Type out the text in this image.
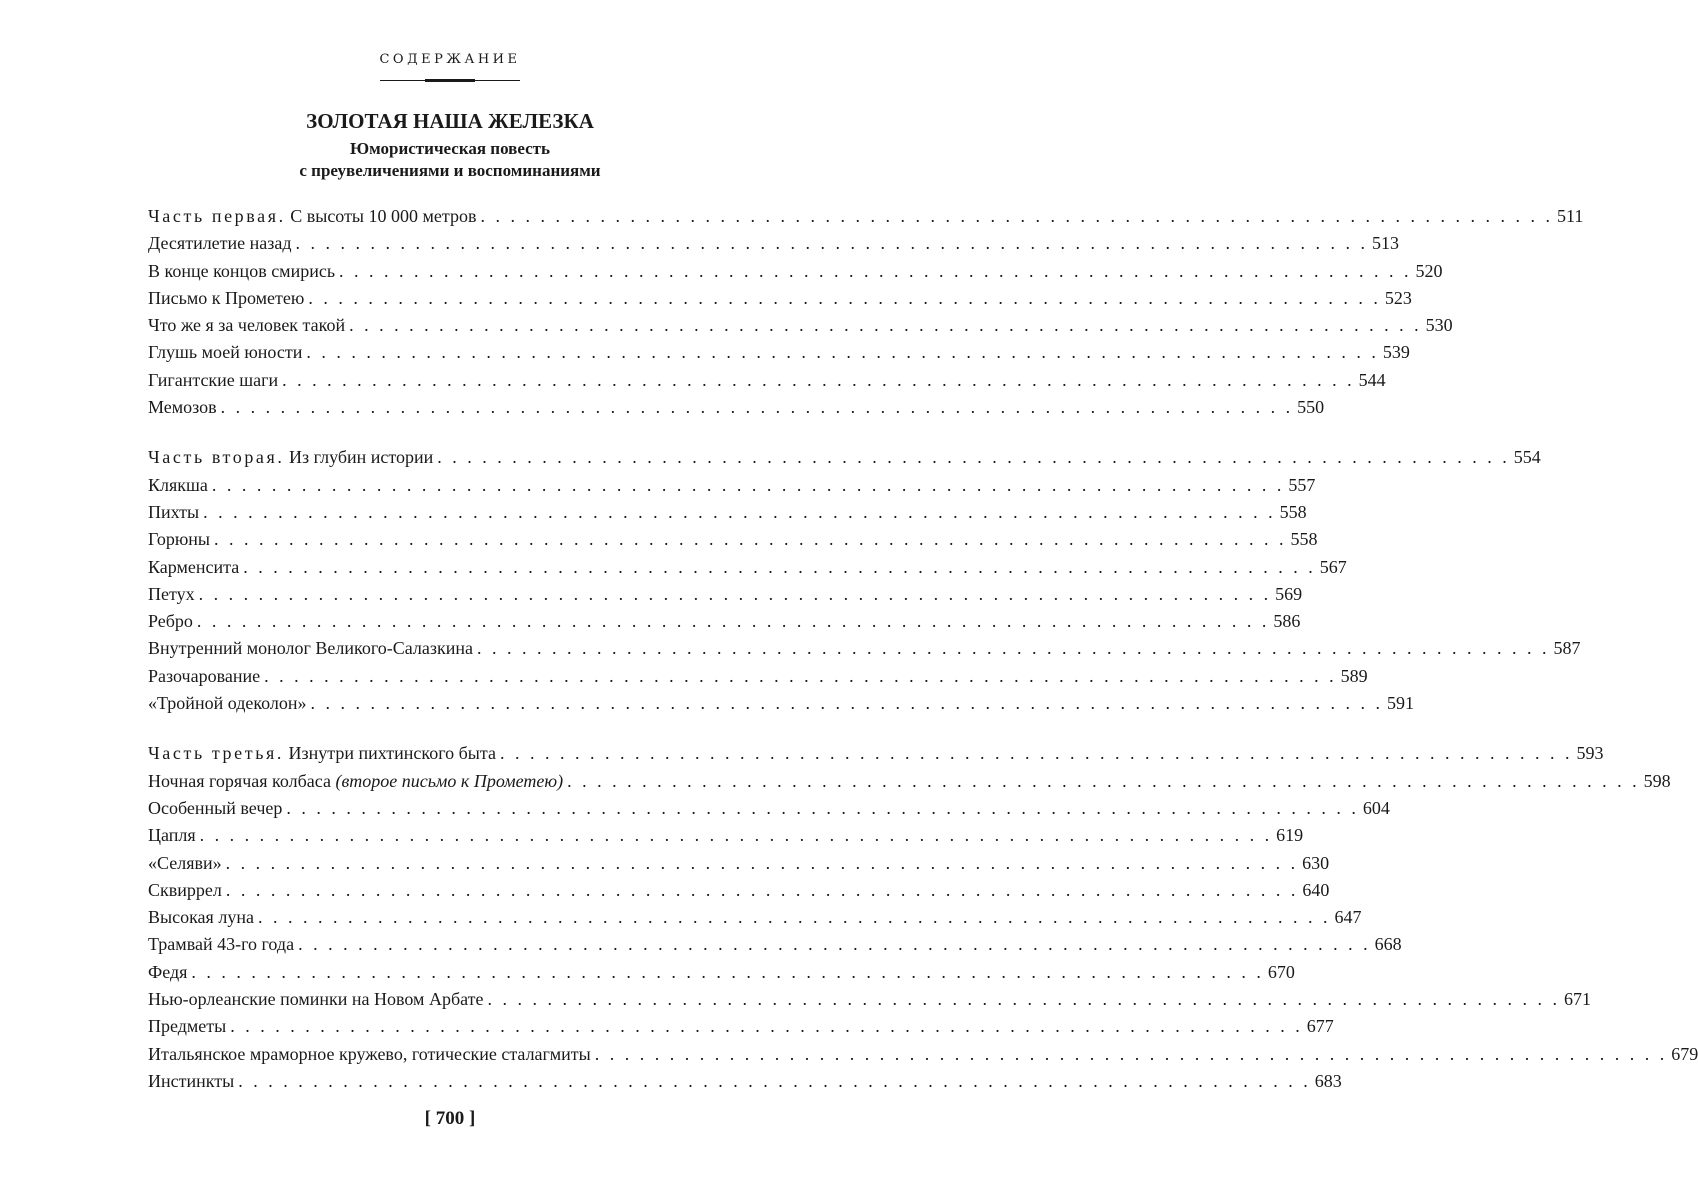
СОДЕРЖАНИЕ
ЗОЛОТАЯ НАША ЖЕЛЕЗКА
Юмористическая повесть
с преувеличениями и воспоминаниями
Часть первая. С высоты 10 000 метров . . . . . . . . . . . . . . . . . . . . . . . . . . . . . . . . . . . . . . . . . . . . . . . . . . . . . . . . . . . . . . . . . . . . . . . . 511
Десятилетие назад . . . . . . . . . . . . . . . . . . . . . . . . . . . . . . . . . . . . . . . . . . . . . . . . . . . . . . . . . . . . . . . . . . . . . . . . 513
В конце концов смирись . . . . . . . . . . . . . . . . . . . . . . . . . . . . . . . . . . . . . . . . . . . . . . . . . . . . . . . . . . . . . . . . . . . . . . . . 520
Письмо к Прометею . . . . . . . . . . . . . . . . . . . . . . . . . . . . . . . . . . . . . . . . . . . . . . . . . . . . . . . . . . . . . . . . . . . . . . . . 523
Что же я за человек такой . . . . . . . . . . . . . . . . . . . . . . . . . . . . . . . . . . . . . . . . . . . . . . . . . . . . . . . . . . . . . . . . . . . . . . . . 530
Глушь моей юности . . . . . . . . . . . . . . . . . . . . . . . . . . . . . . . . . . . . . . . . . . . . . . . . . . . . . . . . . . . . . . . . . . . . . . . . 539
Гигантские шаги . . . . . . . . . . . . . . . . . . . . . . . . . . . . . . . . . . . . . . . . . . . . . . . . . . . . . . . . . . . . . . . . . . . . . . . . 544
Мемозов . . . . . . . . . . . . . . . . . . . . . . . . . . . . . . . . . . . . . . . . . . . . . . . . . . . . . . . . . . . . . . . . . . . . . . . . 550
Часть вторая. Из глубин истории . . . . . . . . . . . . . . . . . . . . . . . . . . . . . . . . . . . . . . . . . . . . . . . . . . . . . . . . . . . . . . . . . . . . . . . . 554
Клякша . . . . . . . . . . . . . . . . . . . . . . . . . . . . . . . . . . . . . . . . . . . . . . . . . . . . . . . . . . . . . . . . . . . . . . . . 557
Пихты . . . . . . . . . . . . . . . . . . . . . . . . . . . . . . . . . . . . . . . . . . . . . . . . . . . . . . . . . . . . . . . . . . . . . . . . 558
Горюны . . . . . . . . . . . . . . . . . . . . . . . . . . . . . . . . . . . . . . . . . . . . . . . . . . . . . . . . . . . . . . . . . . . . . . . . 558
Карменсита . . . . . . . . . . . . . . . . . . . . . . . . . . . . . . . . . . . . . . . . . . . . . . . . . . . . . . . . . . . . . . . . . . . . . . . . 567
Петух . . . . . . . . . . . . . . . . . . . . . . . . . . . . . . . . . . . . . . . . . . . . . . . . . . . . . . . . . . . . . . . . . . . . . . . . 569
Ребро . . . . . . . . . . . . . . . . . . . . . . . . . . . . . . . . . . . . . . . . . . . . . . . . . . . . . . . . . . . . . . . . . . . . . . . . 586
Внутренний монолог Великого-Салазкина . . . . . . . . . . . . . . . . . . . . . . . . . . . . . . . . . . . . . . . . . . . . . . . . . . . . . . . . . . . . . . . . . . . . . . . . 587
Разочарование . . . . . . . . . . . . . . . . . . . . . . . . . . . . . . . . . . . . . . . . . . . . . . . . . . . . . . . . . . . . . . . . . . . . . . . . 589
«Тройной одеколон» . . . . . . . . . . . . . . . . . . . . . . . . . . . . . . . . . . . . . . . . . . . . . . . . . . . . . . . . . . . . . . . . . . . . . . . . 591
Часть третья. Изнутри пихтинского быта . . . . . . . . . . . . . . . . . . . . . . . . . . . . . . . . . . . . . . . . . . . . . . . . . . . . . . . . . . . . . . . . . . . . . . . . 593
Ночная горячая колбаса (второе письмо к Прометею) . . . . . . . . . . . . . . . . . . . . . . . . . . . . . . . . . . . . . . . . . . . . . . . . . . . . . . . . . . . . . . . . . . . . . . . . 598
Особенный вечер . . . . . . . . . . . . . . . . . . . . . . . . . . . . . . . . . . . . . . . . . . . . . . . . . . . . . . . . . . . . . . . . . . . . . . . . 604
Цапля . . . . . . . . . . . . . . . . . . . . . . . . . . . . . . . . . . . . . . . . . . . . . . . . . . . . . . . . . . . . . . . . . . . . . . . . 619
«Селяви» . . . . . . . . . . . . . . . . . . . . . . . . . . . . . . . . . . . . . . . . . . . . . . . . . . . . . . . . . . . . . . . . . . . . . . . . 630
Сквиррел . . . . . . . . . . . . . . . . . . . . . . . . . . . . . . . . . . . . . . . . . . . . . . . . . . . . . . . . . . . . . . . . . . . . . . . . 640
Высокая луна . . . . . . . . . . . . . . . . . . . . . . . . . . . . . . . . . . . . . . . . . . . . . . . . . . . . . . . . . . . . . . . . . . . . . . . . 647
Трамвай 43-го года . . . . . . . . . . . . . . . . . . . . . . . . . . . . . . . . . . . . . . . . . . . . . . . . . . . . . . . . . . . . . . . . . . . . . . . . 668
Федя . . . . . . . . . . . . . . . . . . . . . . . . . . . . . . . . . . . . . . . . . . . . . . . . . . . . . . . . . . . . . . . . . . . . . . . . 670
Нью-орлеанские поминки на Новом Арбате . . . . . . . . . . . . . . . . . . . . . . . . . . . . . . . . . . . . . . . . . . . . . . . . . . . . . . . . . . . . . . . . . . . . . . . . 671
Предметы . . . . . . . . . . . . . . . . . . . . . . . . . . . . . . . . . . . . . . . . . . . . . . . . . . . . . . . . . . . . . . . . . . . . . . . . 677
Итальянское мраморное кружево, готические сталагмиты . . . . . . . . . . . . . . . . . . . . . . . . . . . . . . . . . . . . . . . . . . . . . . . . . . . . . . . . . . . . . . . . . . . . . . . . 679
Инстинкты . . . . . . . . . . . . . . . . . . . . . . . . . . . . . . . . . . . . . . . . . . . . . . . . . . . . . . . . . . . . . . . . . . . . . . . . 683
[ 700 ]
